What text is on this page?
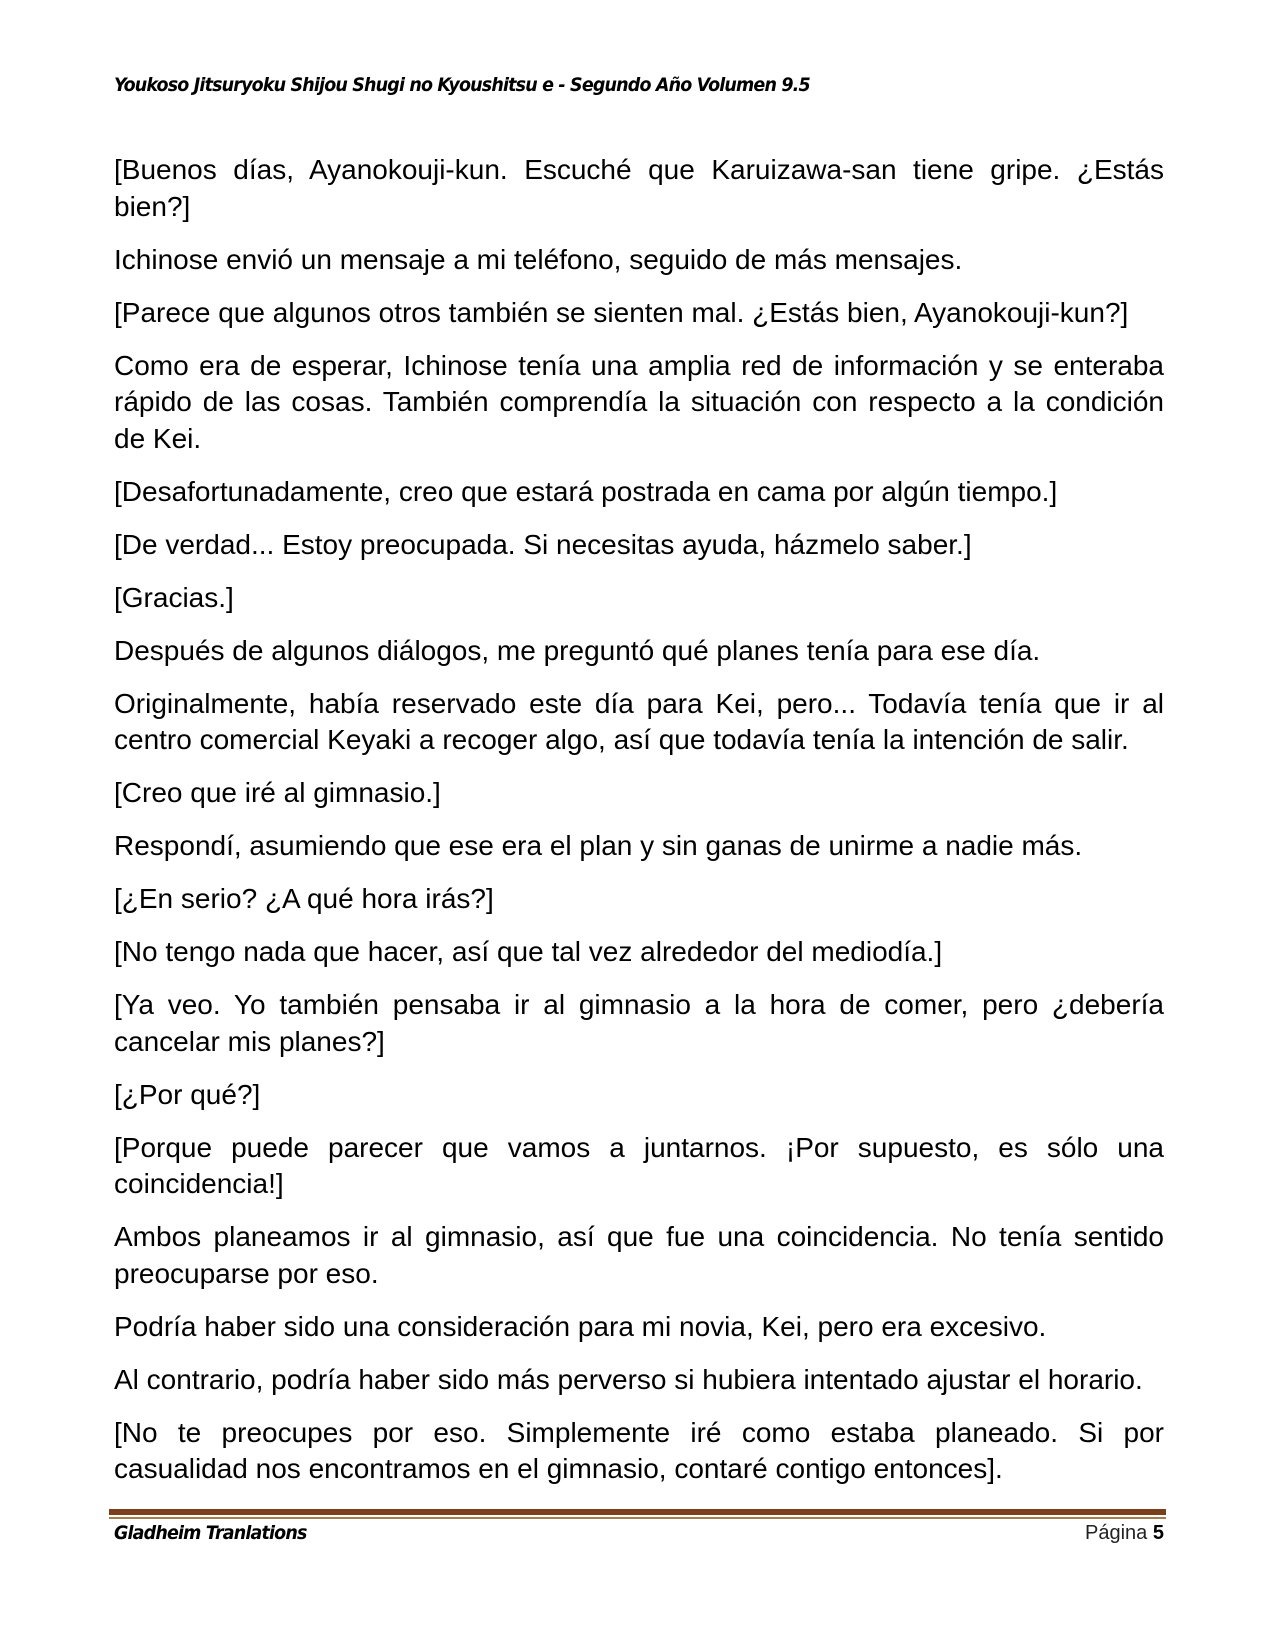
Youkoso Jitsuryoku Shijou Shugi no Kyoushitsu e - Segundo Año Volumen 9.5

[Buenos días, Ayanokouji-kun. Escuché que Karuizawa-san tiene gripe. ¿Estás bien?]

Ichinose envió un mensaje a mi teléfono, seguido de más mensajes.

[Parece que algunos otros también se sienten mal. ¿Estás bien, Ayanokouji-kun?]

Como era de esperar, Ichinose tenía una amplia red de información y se enteraba rápido de las cosas. También comprendía la situación con respecto a la condición de Kei.

[Desafortunadamente, creo que estará postrada en cama por algún tiempo.]

[De verdad... Estoy preocupada. Si necesitas ayuda, házmelo saber.]

[Gracias.]

Después de algunos diálogos, me preguntó qué planes tenía para ese día.

Originalmente, había reservado este día para Kei, pero... Todavía tenía que ir al centro comercial Keyaki a recoger algo, así que todavía tenía la intención de salir.

[Creo que iré al gimnasio.]

Respondí, asumiendo que ese era el plan y sin ganas de unirme a nadie más.

[¿En serio? ¿A qué hora irás?]

[No tengo nada que hacer, así que tal vez alrededor del mediodía.]

[Ya veo. Yo también pensaba ir al gimnasio a la hora de comer, pero ¿debería cancelar mis planes?]

[¿Por qué?]

[Porque puede parecer que vamos a juntarnos. ¡Por supuesto, es sólo una coincidencia!]

Ambos planeamos ir al gimnasio, así que fue una coincidencia. No tenía sentido preocuparse por eso.

Podría haber sido una consideración para mi novia, Kei, pero era excesivo.

Al contrario, podría haber sido más perverso si hubiera intentado ajustar el horario.

[No te preocupes por eso. Simplemente iré como estaba planeado. Si por casualidad nos encontramos en el gimnasio, contaré contigo entonces].

Gladheim Tranlations	Página 5
